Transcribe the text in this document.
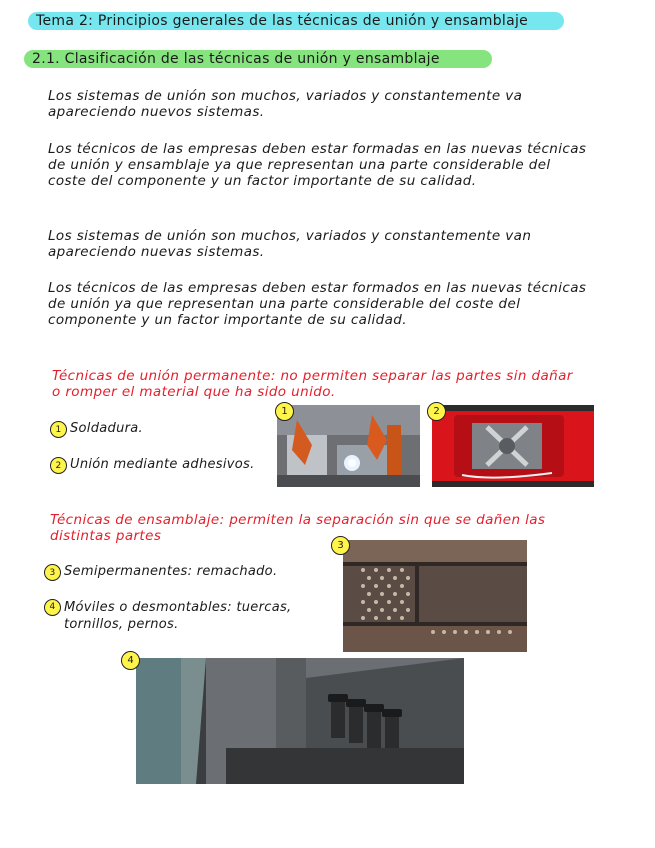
Tema 2: Principios generales de las técnicas de unión y ensamblaje
2.1. Clasificación de las técnicas de unión y ensamblaje
Los sistemas de unión son muchos, variados y constantemente va apareciendo nuevos sistemas.
Los técnicos de las empresas deben estar formadas en las nuevas técnicas de unión y ensamblaje ya que representan una parte considerable del coste del componente y un factor importante de su calidad.
Los sistemas de unión son muchos, variados y constantemente van apareciendo nuevas sistemas.
Los técnicos de las empresas deben estar formados en las nuevas técnicas de unión ya que representan una parte considerable del coste del componente y un factor importante de su calidad.
Técnicas de unión permanente: no permiten separar las partes sin dañar o romper el material que ha sido unido.
1 Soldadura.
2 Unión mediante adhesivos.
1	2
Técnicas de ensamblaje: permiten la separación sin que se dañen las distintas partes
3 Semipermanentes: remachado.
4 Móviles o desmontables: tuercas, tornillos, pernos.
3
4
